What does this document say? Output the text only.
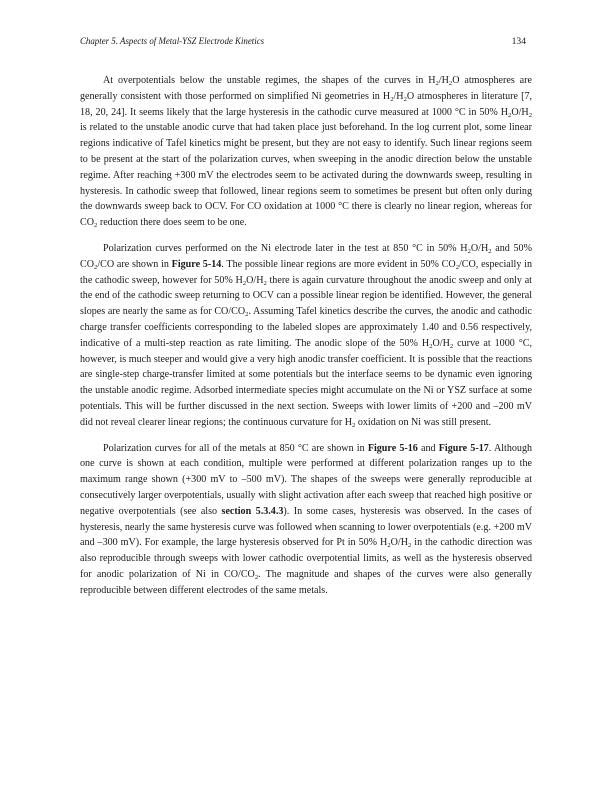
Chapter 5. Aspects of Metal-YSZ Electrode Kinetics	134

At overpotentials below the unstable regimes, the shapes of the curves in $H_2/H_2O$ atmospheres are generally consistent with those performed on simplified Ni geometries in $H_2/H_2O$ atmospheres in literature [7, 18, 20, 24]. It seems likely that the large hysteresis in the cathodic curve measured at 1000 °C in 50% $H_2O/H_2$ is related to the unstable anodic curve that had taken place just beforehand. In the log current plot, some linear regions indicative of Tafel kinetics might be present, but they are not easy to identify. Such linear regions seem to be present at the start of the polarization curves, when sweeping in the anodic direction below the unstable regime. After reaching +300 mV the electrodes seem to be activated during the downwards sweep, resulting in hysteresis. In cathodic sweep that followed, linear regions seem to sometimes be present but often only during the downwards sweep back to OCV. For CO oxidation at 1000 °C there is clearly no linear region, whereas for $CO_2$ reduction there does seem to be one.

Polarization curves performed on the Ni electrode later in the test at 850 °C in 50% $H_2O/H_2$ and 50% $CO_2/CO$ are shown in Figure 5-14. The possible linear regions are more evident in 50% $CO_2/CO$, especially in the cathodic sweep, however for 50% $H_2O/H_2$ there is again curvature throughout the anodic sweep and only at the end of the cathodic sweep returning to OCV can a possible linear region be identified. However, the general slopes are nearly the same as for $CO/CO_2$. Assuming Tafel kinetics describe the curves, the anodic and cathodic charge transfer coefficients corresponding to the labeled slopes are approximately 1.40 and 0.56 respectively, indicative of a multi-step reaction as rate limiting. The anodic slope of the 50% $H_2O/H_2$ curve at 1000 °C, however, is much steeper and would give a very high anodic transfer coefficient. It is possible that the reactions are single-step charge-transfer limited at some potentials but the interface seems to be dynamic even ignoring the unstable anodic regime. Adsorbed intermediate species might accumulate on the Ni or YSZ surface at some potentials. This will be further discussed in the next section. Sweeps with lower limits of +200 and –200 mV did not reveal clearer linear regions; the continuous curvature for $H_2$ oxidation on Ni was still present.

Polarization curves for all of the metals at 850 °C are shown in Figure 5-16 and Figure 5-17. Although one curve is shown at each condition, multiple were performed at different polarization ranges up to the maximum range shown (+300 mV to –500 mV). The shapes of the sweeps were generally reproducible at consecutively larger overpotentials, usually with slight activation after each sweep that reached high positive or negative overpotentials (see also section 5.3.4.3). In some cases, hysteresis was observed. In the cases of hysteresis, nearly the same hysteresis curve was followed when scanning to lower overpotentials (e.g. +200 mV and –300 mV). For example, the large hysteresis observed for Pt in 50% $H_2O/H_2$ in the cathodic direction was also reproducible through sweeps with lower cathodic overpotential limits, as well as the hysteresis observed for anodic polarization of Ni in $CO/CO_2$. The magnitude and shapes of the curves were also generally reproducible between different electrodes of the same metals.
